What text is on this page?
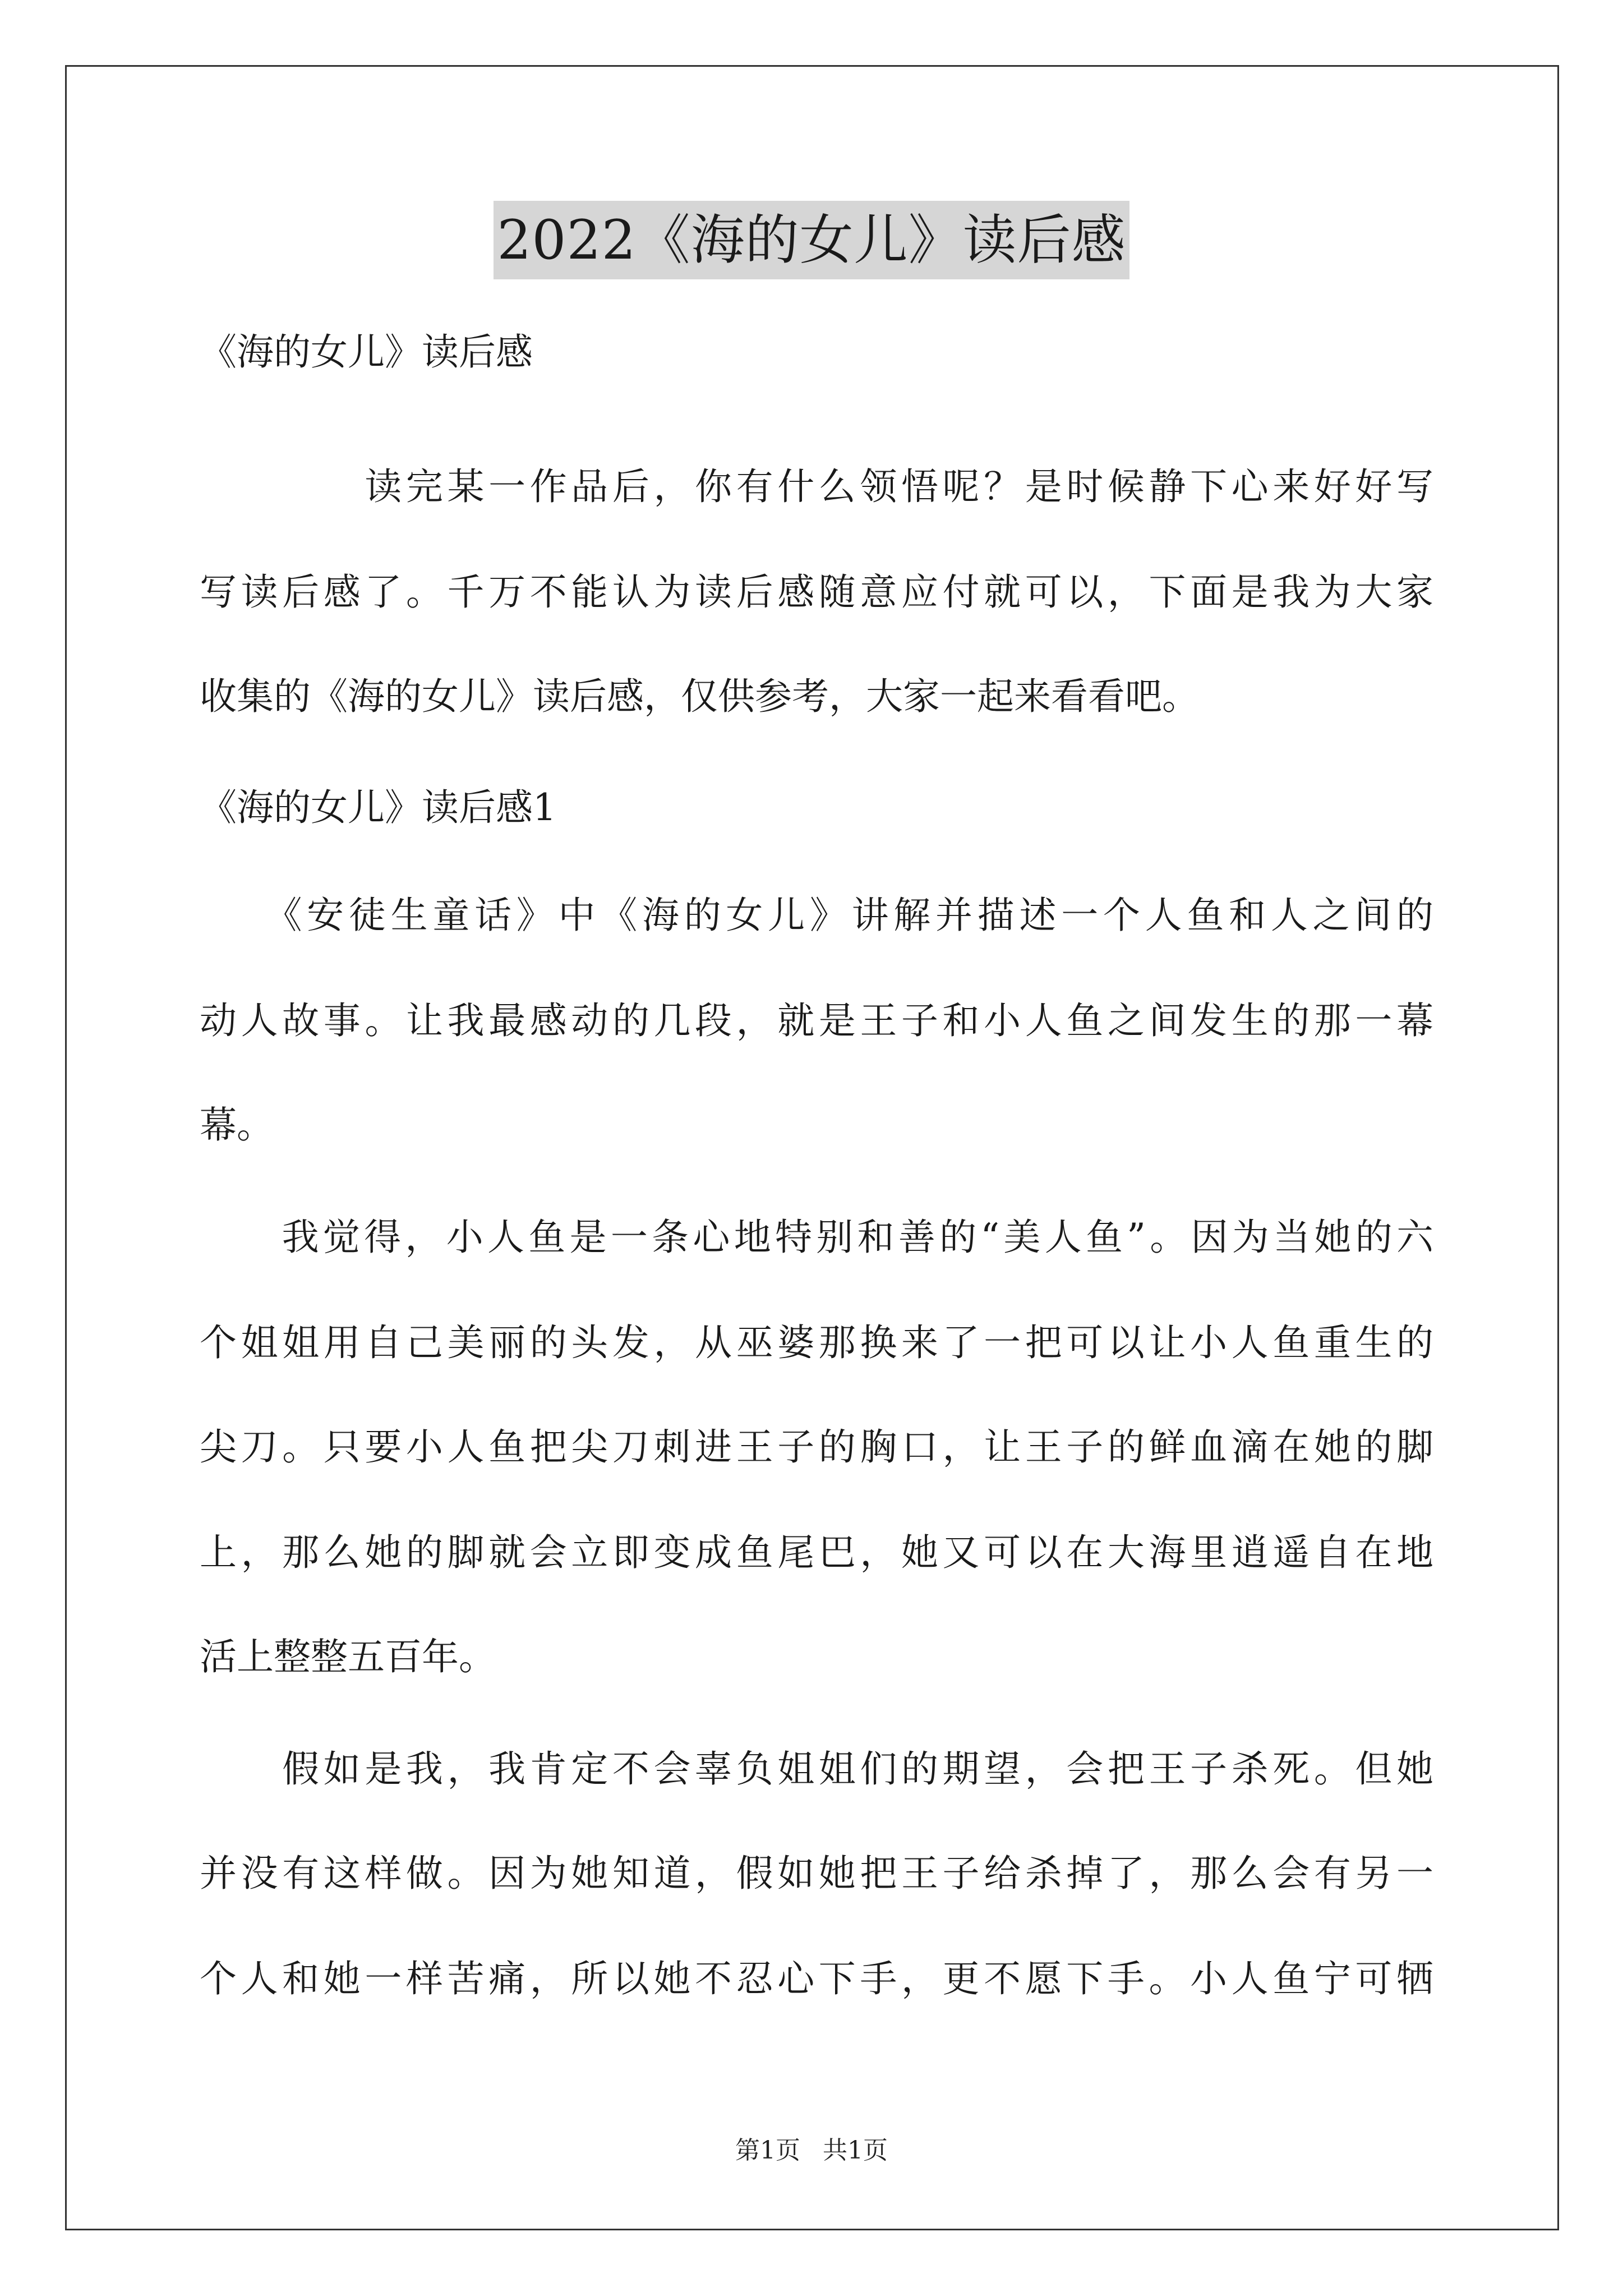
2022《海的女儿》读后感
《海的女儿》读后感
　　　　读完某一作品后，你有什么领悟呢？是时候静下心来好好写
写读后感了。千万不能认为读后感随意应付就可以，下面是我为大家
收集的《海的女儿》读后感，仅供参考，大家一起来看看吧。
《海的女儿》读后感1
　　《安徒生童话》中《海的女儿》讲解并描述一个人鱼和人之间的
动人故事。让我最感动的几段，就是王子和小人鱼之间发生的那一幕
幕。
　　我觉得，小人鱼是一条心地特别和善的“美人鱼”。因为当她的六
个姐姐用自己美丽的头发，从巫婆那换来了一把可以让小人鱼重生的
尖刀。只要小人鱼把尖刀刺进王子的胸口，让王子的鲜血滴在她的脚
上，那么她的脚就会立即变成鱼尾巴，她又可以在大海里逍遥自在地
活上整整五百年。
　　假如是我，我肯定不会辜负姐姐们的期望，会把王子杀死。但她
并没有这样做。因为她知道，假如她把王子给杀掉了，那么会有另一
个人和她一样苦痛，所以她不忍心下手，更不愿下手。小人鱼宁可牺
第1页 共1页
